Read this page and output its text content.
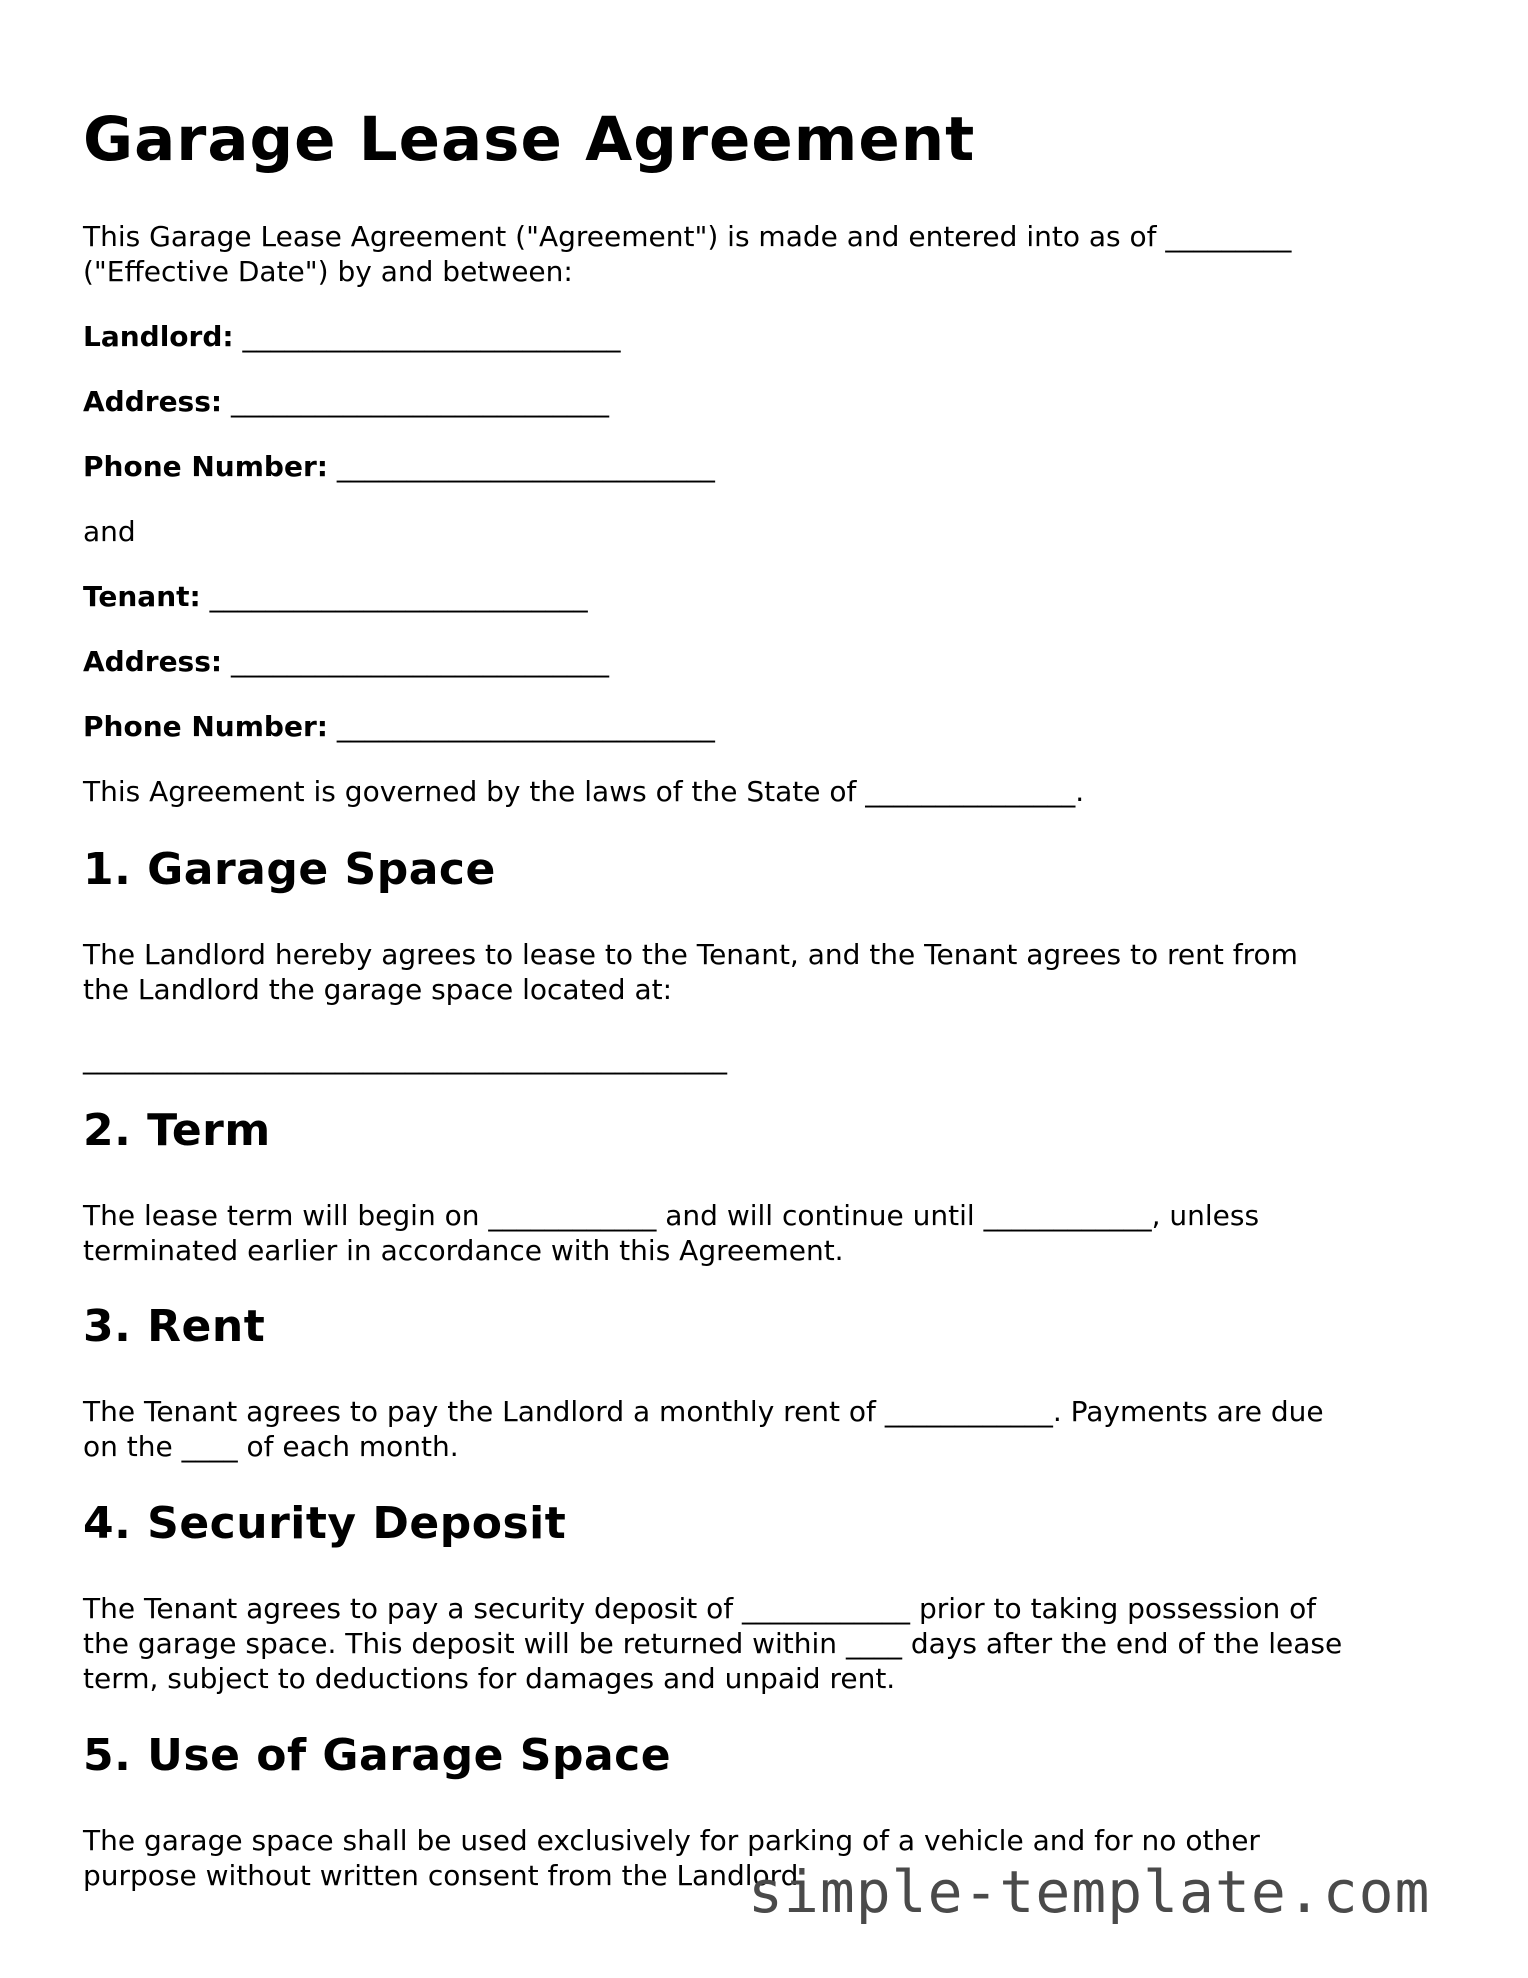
Garage Lease Agreement

This Garage Lease Agreement ("Agreement") is made and entered into as of _________
("Effective Date") by and between:

Landlord: ___________________________

Address: ___________________________

Phone Number: ___________________________

and

Tenant: ___________________________

Address: ___________________________

Phone Number: ___________________________

This Agreement is governed by the laws of the State of _______________.

1. Garage Space

The Landlord hereby agrees to lease to the Tenant, and the Tenant agrees to rent from
the Landlord the garage space located at:

______________________________________________

2. Term

The lease term will begin on ____________ and will continue until ____________, unless
terminated earlier in accordance with this Agreement.

3. Rent

The Tenant agrees to pay the Landlord a monthly rent of ____________. Payments are due
on the ____ of each month.

4. Security Deposit

The Tenant agrees to pay a security deposit of ____________ prior to taking possession of
the garage space. This deposit will be returned within ____ days after the end of the lease
term, subject to deductions for damages and unpaid rent.

5. Use of Garage Space

The garage space shall be used exclusively for parking of a vehicle and for no other
purpose without written consent from the Landlord.

simple-template.com
